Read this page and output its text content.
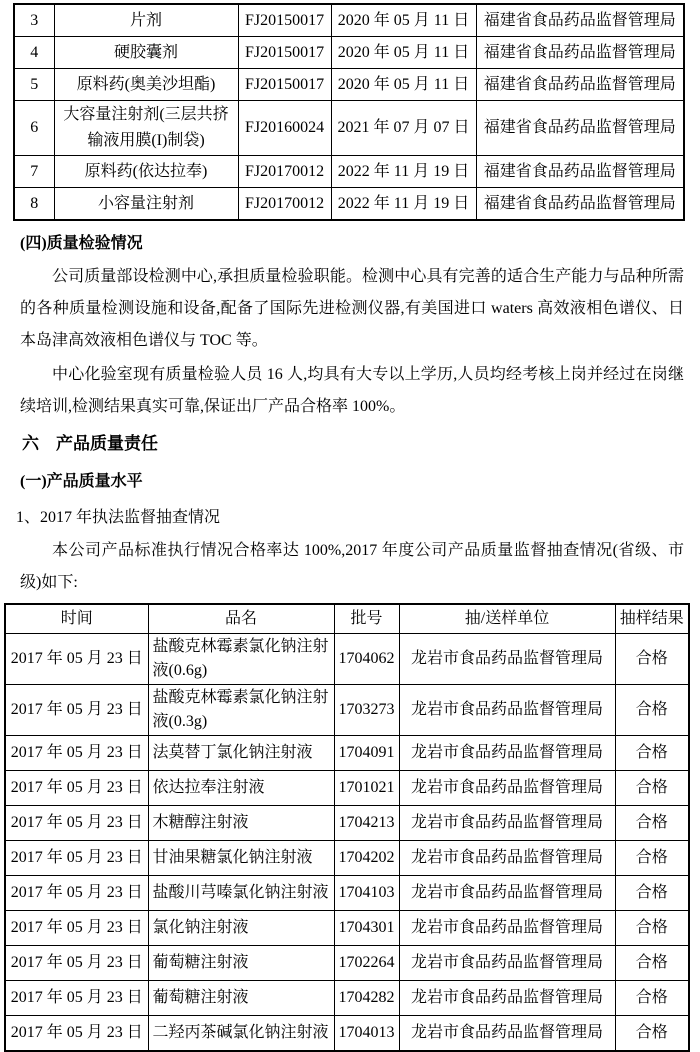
3	片剂	FJ20150017	2020 年 05 月 11 日	福建省食品药品监督管理局
4	硬胶囊剂	FJ20150017	2020 年 05 月 11 日	福建省食品药品监督管理局
5	原料药(奥美沙坦酯)	FJ20150017	2020 年 05 月 11 日	福建省食品药品监督管理局
6	大容量注射剂(三层共挤输液用膜(I)制袋)	FJ20160024	2021 年 07 月 07 日	福建省食品药品监督管理局
7	原料药(依达拉奉)	FJ20170012	2022 年 11 月 19 日	福建省食品药品监督管理局
8	小容量注射剂	FJ20170012	2022 年 11 月 19 日	福建省食品药品监督管理局
(四)质量检验情况

公司质量部设检测中心,承担质量检验职能。检测中心具有完善的适合生产能力与品种所需的各种质量检测设施和设备,配备了国际先进检测仪器,有美国进口 waters 高效液相色谱仪、日本岛津高效液相色谱仪与 TOC 等。

中心化验室现有质量检验人员 16 人,均具有大专以上学历,人员均经考核上岗并经过在岗继续培训,检测结果真实可靠,保证出厂产品合格率 100%。

六　产品质量责任
(一)产品质量水平
1、2017 年执法监督抽查情况

本公司产品标准执行情况合格率达 100%,2017 年度公司产品质量监督抽查情况(省级、市级)如下:

时间	品名	批号	抽/送样单位	抽样结果
2017 年 05 月 23 日	盐酸克林霉素氯化钠注射液(0.6g)	1704062	龙岩市食品药品监督管理局	合格
2017 年 05 月 23 日	盐酸克林霉素氯化钠注射液(0.3g)	1703273	龙岩市食品药品监督管理局	合格
2017 年 05 月 23 日	法莫替丁氯化钠注射液	1704091	龙岩市食品药品监督管理局	合格
2017 年 05 月 23 日	依达拉奉注射液	1701021	龙岩市食品药品监督管理局	合格
2017 年 05 月 23 日	木糖醇注射液	1704213	龙岩市食品药品监督管理局	合格
2017 年 05 月 23 日	甘油果糖氯化钠注射液	1704202	龙岩市食品药品监督管理局	合格
2017 年 05 月 23 日	盐酸川芎嗪氯化钠注射液	1704103	龙岩市食品药品监督管理局	合格
2017 年 05 月 23 日	氯化钠注射液	1704301	龙岩市食品药品监督管理局	合格
2017 年 05 月 23 日	葡萄糖注射液	1702264	龙岩市食品药品监督管理局	合格
2017 年 05 月 23 日	葡萄糖注射液	1704282	龙岩市食品药品监督管理局	合格
2017 年 05 月 23 日	二羟丙茶碱氯化钠注射液	1704013	龙岩市食品药品监督管理局	合格
